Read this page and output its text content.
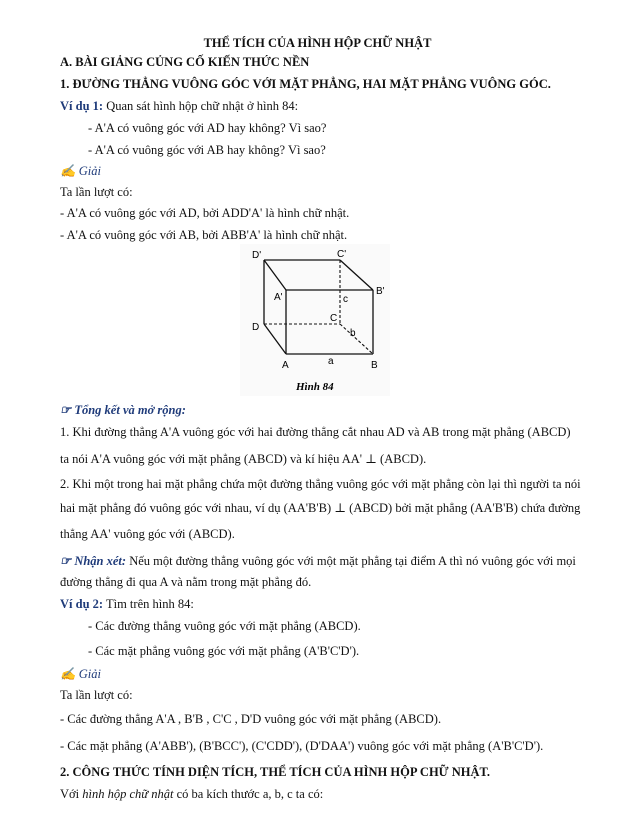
THỂ TÍCH CỦA HÌNH HỘP CHỮ NHẬT
A. BÀI GIẢNG CỦNG CỐ KIẾN THỨC NỀN
1. ĐƯỜNG THẲNG VUÔNG GÓC VỚI MẶT PHẲNG, HAI MẶT PHẲNG VUÔNG GÓC.
Ví dụ 1: Quan sát hình hộp chữ nhật ở hình 84:
- A'A có vuông góc với AD hay không? Vì sao?
- A'A có vuông góc với AB hay không? Vì sao?
✍ Giải
Ta lần lượt có:
- A'A có vuông góc với AD, bởi ADD'A' là hình chữ nhật.
- A'A có vuông góc với AB, bởi ABB'A' là hình chữ nhật.
D'	C'
A'
B'
D
C
A	B
a
b
c
Hình 84
☞ Tổng kết và mở rộng:
1. Khi đường thẳng A'A vuông góc với hai đường thẳng cắt nhau AD và AB trong mặt phẳng (ABCD)
ta nói A'A vuông góc với mặt phẳng (ABCD) và kí hiệu AA' ⊥ (ABCD).
2. Khi một trong hai mặt phẳng chứa một đường thẳng vuông góc với mặt phẳng còn lại thì người ta nói
hai mặt phẳng đó vuông góc với nhau, ví dụ (AA'B'B) ⊥ (ABCD) bởi mặt phẳng (AA'B'B) chứa đường
thẳng AA' vuông góc với (ABCD).
☞ Nhận xét: Nếu một đường thẳng vuông góc với một mặt phẳng tại điểm A thì nó vuông góc với mọi
đường thẳng đi qua A và nằm trong mặt phẳng đó.
Ví dụ 2: Tìm trên hình 84:
- Các đường thẳng vuông góc với mặt phẳng (ABCD).
- Các mặt phẳng vuông góc với mặt phẳng (A'B'C'D').
✍ Giải
Ta lần lượt có:
- Các đường thẳng A'A , B'B , C'C , D'D vuông góc với mặt phẳng (ABCD).
- Các mặt phẳng (A'ABB'), (B'BCC'), (C'CDD'), (D'DAA') vuông góc với mặt phẳng (A'B'C'D').
2. CÔNG THỨC TÍNH DIỆN TÍCH, THỂ TÍCH CỦA HÌNH HỘP CHỮ NHẬT.
Với hình hộp chữ nhật có ba kích thước a, b, c ta có:
